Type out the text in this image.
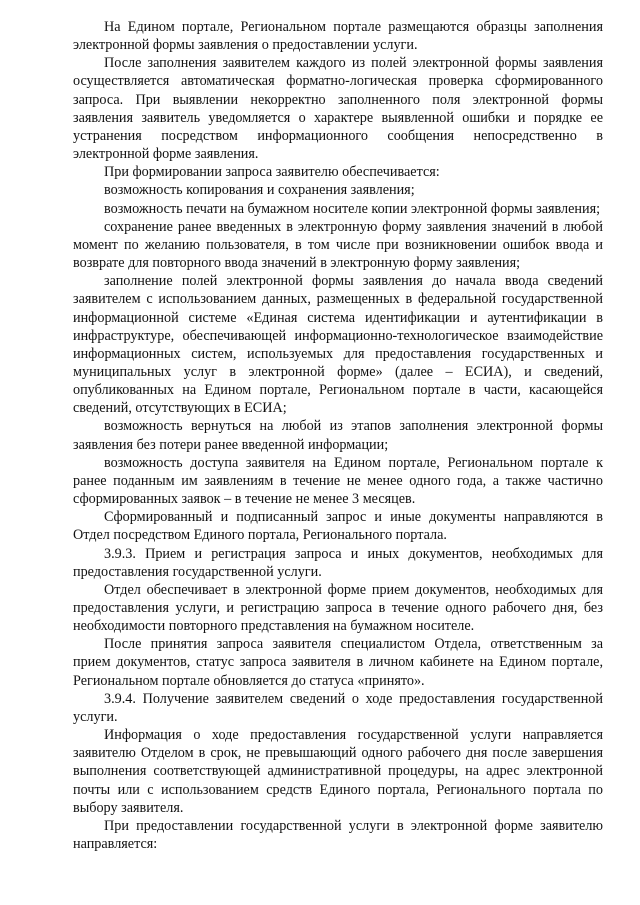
На Едином портале, Региональном портале размещаются образцы заполнения электронной формы заявления о предоставлении услуги.

После заполнения заявителем каждого из полей электронной формы заявления осуществляется автоматическая форматно-логическая проверка сформированного запроса. При выявлении некорректно заполненного поля электронной формы заявления заявитель уведомляется о характере выявленной ошибки и порядке ее устранения посредством информационного сообщения непосредственно в электронной форме заявления.

При формировании запроса заявителю обеспечивается:

возможность копирования и сохранения заявления;

возможность печати на бумажном носителе копии электронной формы заявления;

сохранение ранее введенных в электронную форму заявления значений в любой момент по желанию пользователя, в том числе при возникновении ошибок ввода и возврате для повторного ввода значений в электронную форму заявления;

заполнение полей электронной формы заявления до начала ввода сведений заявителем с использованием данных, размещенных в федеральной государственной информационной системе «Единая система идентификации и аутентификации в инфраструктуре, обеспечивающей информационно-технологическое взаимодействие информационных систем, используемых для предоставления государственных и муниципальных услуг в электронной форме» (далее – ЕСИА), и сведений, опубликованных на Едином портале, Региональном портале в части, касающейся сведений, отсутствующих в ЕСИА;

возможность вернуться на любой из этапов заполнения электронной формы заявления без потери ранее введенной информации;

возможность доступа заявителя на Едином портале, Региональном портале к ранее поданным им заявлениям в течение не менее одного года, а также частично сформированных заявок – в течение не менее 3 месяцев.

Сформированный и подписанный запрос и иные документы направляются в Отдел посредством Единого портала, Регионального портала.

3.9.3. Прием и регистрация запроса и иных документов, необходимых для предоставления государственной услуги.

Отдел обеспечивает в электронной форме прием документов, необходимых для предоставления услуги, и регистрацию запроса в течение одного рабочего дня, без необходимости повторного представления на бумажном носителе.

После принятия запроса заявителя специалистом Отдела, ответственным за прием документов, статус запроса заявителя в личном кабинете на Едином портале, Региональном портале обновляется до статуса «принято».

3.9.4. Получение заявителем сведений о ходе предоставления государственной услуги.

Информация о ходе предоставления государственной услуги направляется заявителю Отделом в срок, не превышающий одного рабочего дня после завершения выполнения соответствующей административной процедуры, на адрес электронной почты или с использованием средств Единого портала, Регионального портала по выбору заявителя.

При предоставлении государственной услуги в электронной форме заявителю направляется:
